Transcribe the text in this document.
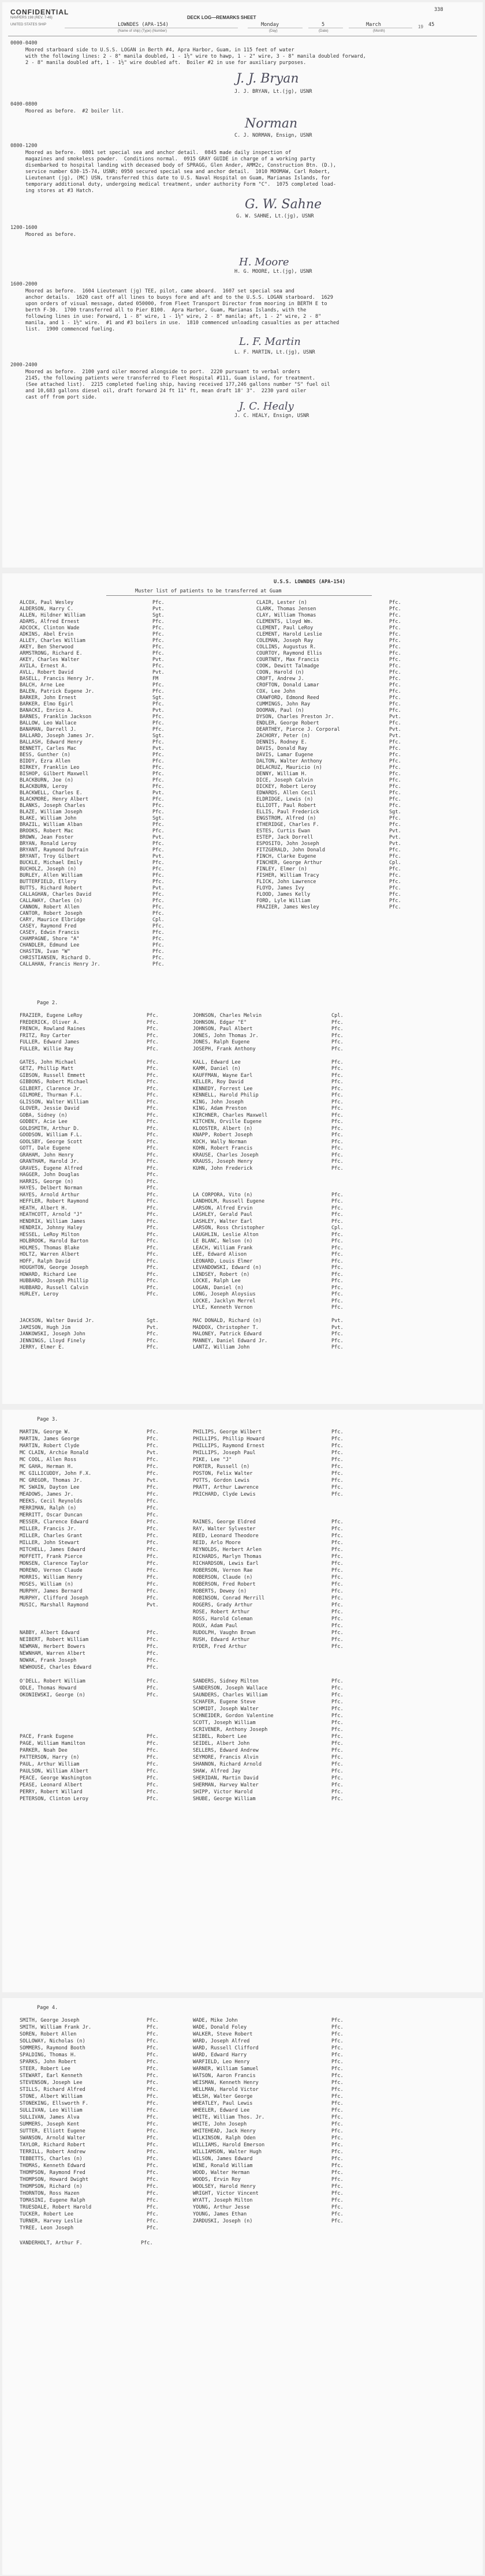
CONFIDENTIAL
NAVPERS 198 (REV. 7-46)	DECK LOG—REMARKS SHEET
338
UNITED STATES SHIP	LOWNDES (APA-154)
(Name of ship) (Type) (Number)
Monday
(Day)
5
(Date)
March
(Month)
19 45
0000-0400
Moored starboard side to U.S.S. LOGAN in Berth #4, Apra Harbor, Guam, in 115 feet of water
with the following lines: 2 - 8" manila doubled, 1 - 1½" wire to hawp, 1 - 2" wire, 3 - 8" manila doubled forward,
2 - 8" manila doubled aft, 1 - 1½" wire doubled aft.  Boiler #2 in use for auxiliary purposes.
J. J. Bryan
J. J. BRYAN, Lt.(jg), USNR
0400-0800
Moored as before.  #2 boiler lit.
Norman
C. J. NORMAN, Ensign, USNR
0800-1200
Moored as before.  0801 set special sea and anchor detail.  0845 made daily inspection of
magazines and smokeless powder.  Conditions normal.  0915 GRAY GUIDE in charge of a working party
disembarked to hospital landing with deceased body of SPRAGG, Glen Ander, AMM2c, Construction Btn. (D.),
service number 630-15-74, USNR; 0950 secured special sea and anchor detail.  1010 MOOMAW, Carl Robert,
Lieutenant (jg), (MC) USN, transferred this date to U.S. Naval Hospital on Guam, Marianas Islands, for
temporary additional duty, undergoing medical treatment, under authority Form "C".  1075 completed load-
ing stores at #3 Hatch.
G. W. Sahne
G. W. SAHNE, Lt.(jg), USNR
1200-1600
Moored as before.
H. Moore
H. G. MOORE, Lt.(jg), USNR
1600-2000
Moored as before.  1604 Lieutenant (jg) TEE, pilot, came aboard.  1607 set special sea and
anchor details.  1620 cast off all lines to buoys fore and aft and to the U.S.S. LOGAN starboard.  1629
upon orders of visual message, dated 050000, from Fleet Transport Director from mooring in BERTH E to
berth F-30.  1700 transferred all to Pier B100.  Apra Harbor, Guam, Marianas Islands, with the
following lines in use: Forward, 1 - 8" wire, 1 - 1½" wire, 2 - 8" manila; aft, 1 - 2" wire, 2 - 8"
manila, and 1 - 1½" wire.  #1 and #3 boilers in use.  1810 commenced unloading casualties as per attached
list.  1900 commenced fueling.
L. F. Martin
L. F. MARTIN, Lt.(jg), USNR
2000-2400
Moored as before.  2100 yard oiler moored alongside to port.  2220 pursuant to verbal orders
2145, the following patients were transferred to Fleet Hospital #111, Guam island, for treatment.
(See attached list).  2215 completed fueling ship, having received 177,246 gallons number "S" fuel oil
and 10,683 gallons diesel oil, draft forward 24 ft 11" ft, mean draft 18' 3".  2230 yard oiler
cast off from port side.
J. C. Healy
J. C. HEALY, Ensign, USNR
U.S.S. LOWNDES (APA-154)
Muster list of patients to be transferred at Guam
ALCOX, Paul Wesley	Pfc.
ALDERSON, Harry C.	Pvt.
ALLEN, Hildner William	Sgt.
ADAMS, Alfred Ernest	Pfc.
ADCOCK, Clinton Wade	Pfc.
ADKINS, Abel Ervin	Pfc.
ALLEY, Charles William	Pfc.
AKEY, Ben Sherwood	Pfc.
ARMSTRONG, Richard E.	Pfc.
AKEY, Charles Walter	Pvt.
AVILA, Ernest A.	Pfc.
AVLL, Robert David	Pvt.
BASELL, Francis Henry Jr.	FM
BALCH, Arne Lee	Pfc.
BALEN, Patrick Eugene Jr.	Pfc.
BARKER, John Ernest	Sgt.
BARKER, Elmo Egirl	Pfc.
BANACKI, Enrico A.	Pvt.
BARNES, Franklin Jackson	Pfc.
BALLOW, Leo Wallace	Pfc.
BANAMAN, Darrell J.	Pfc.
BALLARD, Joseph James Jr.	Sgt.
BALLASH, Edward Henry	Pfc.
BENNETT, Carles Mac	Pvt.
BESS, Gunther (n)	Pfc.
BIDDY, Ezra Allen	Pfc.
BIRKEY, Franklin Leo	Pfc.
BISHOP, Gilbert Maxwell	Pfc.
BLACKBURN, Joe (n)	Pfc.
BLACKBURN, Leroy	Pfc.
BLACKWELL, Charles E.	Pvt.
BLACKMORE, Henry Albert	Pfc.
BLANKS, Joseph Charles	Pfc.
BLAZE, William Joseph	Pfc.
BLAKE, William John	Sgt.
BRAZIL, William Alban	Pfc.
BROOKS, Robert Mac	Pfc.
BROWN, Jean Foster	Pvt.
BRYAN, Ronald Leroy	Pfc.
BRYANT, Raymond Dufrain	Pfc.
BRYANT, Troy Gilbert	Pvt.
BUCKLE, Michael Emily	Pfc.
BUCHOLZ, Joseph (n)	Pfc.
BURLEY, Allen William	Pfc.
BUTTERFIELD, Ellery	Pfc.
BUTTS, Richard Robert	Pvt.
CALLAGHAN, Charles David	Pfc.
CALLAWAY, Charles (n)	Pfc.
CANNON, Robert Allen	Pfc.
CANTOR, Robert Joseph	Pfc.
CARY, Maurice Elbridge	Cpl.
CASEY, Raymond Fred	Pfc.
CASEY, Edwin Francis	Pfc.
CHAMPAGNE, Shore "A"	Pfc.
CHANDLER, Edmund Lee	Pfc.
CHASTIN, Ivan "W"	Pfc.
CHRISTIANSEN, Richard D.	Pfc.
CALLAHAN, Francis Henry Jr.	Pfc.
CLAIR, Lester (n)	Pfc.
CLARK, Thomas Jensen	Pfc.
CLAY, William Thomas	Pfc.
CLEMENTS, Lloyd Wm.	Pfc.
CLEMENT, Paul LeRoy	Pfc.
CLEMENT, Harold Leslie	Pfc.
COLEMAN, Joseph Ray	Pfc.
COLLINS, Augustus R.	Pfc.
COURTOY, Raymond Ellis	Pfc.
COURTNEY, Max Francis	Pfc.
COOK, Dewitt Talmadge	Pfc.
COON, Harold (n)	Pfc.
CROFT, Andrew J.	Pfc.
CROFTON, Donald Lamar	Pfc.
COX, Lee John	Pfc.
CRAWFORD, Edmond Reed	Pfc.
CUMMINGS, John Ray	Pfc.
DOOMAN, Paul (n)	Pfc.
DYSON, Charles Preston Jr.	Pvt.
ENDLER, George Robert	Pfc.
DEARTHEY, Pierce J. Corporal	Pvt.
ZACHORY, Peter (n)	Pvt.
DENNIS, Rodney E.	Pfc.
DAVIS, Donald Ray	Pfc.
DAVIS, Lamar Eugene	Pfc.
DALTON, Walter Anthony	Pfc.
DELACRUZ, Mauricio (n)	Pfc.
DENNY, William H.	Pfc.
DICE, Joseph Calvin	Pfc.
DICKEY, Robert Leroy	Pfc.
EDWARDS, Allen Cecil	Pfc.
ELDRIDGE, Lewis (n)	Pfc.
ELLIOTT, Paul Robert	Pfc.
ELLIS, Paul Frederick	Sgt.
ENGSTROM, Alfred (n)	Pfc.
ETHERIDGE, Charles F.	Pfc.
ESTES, Curtis Ewan	Pvt.
ESTEP, Jack Dorrell	Pvt.
ESPOSITO, John Joseph	Pvt.
FITZGERALD, John Donald	Pfc.
FINCH, Clarke Eugene	Pfc.
FINCHER, George Arthur	Cpl.
FINLEY, Elmer (n)	Pfc.
FISHER, William Tracy	Pfc.
FLICK, John Lawrence	Pfc.
FLOYD, James Ivy	Pfc.
FLOOD, James Kelly	Pfc.
FORD, Lyle William	Pfc.
FRAZIER, James Wesley	Pfc.
Page 2.
FRAZIER, Eugene LeRoy	Pfc.	JOHNSON, Charles Melvin	Cpl.
FREDERICK, Oliver A.	Pfc.	JOHNSON, Edgar "E"	Pfc.
FRENCH, Rowland Raines	Pfc.	JOHNSON, Paul Albert	Pfc.
FRITZ, Roy Carter	Pfc.	JONES, John Thomas Jr.	Pfc.
FULLER, Edward James	Pfc.	JONES, Ralph Eugene	Pfc.
FULLER, Willie Ray	Pfc.	JOSEPH, Frank Anthony	Pfc.
GATES, John Michael	Pfc.	KALL, Edward Lee	Pfc.
GETZ, Phillip Matt	Pfc.	KAMM, Daniel (n)	Pfc.
GIBSON, Russell Emmett	Pfc.	KAUFFMAN, Wayne Earl	Pfc.
GIBBONS, Robert Michael	Pfc.	KELLER, Roy David	Pfc.
GILBERT, Clarence Jr.	Pfc.	KENNEDY, Forrest Lee	Pfc.
GILMORE, Thurman F.L.	Pfc.	KENNELL, Harold Philip	Pfc.
GLISSON, Walter William	Pfc.	KING, John Joseph	Pfc.
GLOVER, Jessie David	Pfc.	KING, Adam Preston	Pfc.
GOBA, Sidney (n)	Pfc.	KIRCHNER, Charles Maxwell	Pfc.
GODBEY, Acie Lee	Pfc.	KITCHEN, Orville Eugene	Pfc.
GOLDSMITH, Arthur D.	Pfc.	KLOOSTER, Albert (n)	Pfc.
GOODSON, William F.L.	Pfc.	KNAPP, Robert Joseph	Pfc.
GOOLSBY, George Scott	Pfc.	KOCH, Wally Norman	Pfc.
GOTT, Dale Eugene	Pfc.	KOHN, Robert Francis	Pfc.
GRAHAM, John Henry	Pfc.	KRAUSE, Charles Joseph	Pfc.
GRANTHAM, Harold Jr.	Pfc.	KRAUSS, Joseph Henry	Pfc.
GRAVES, Eugene Alfred	Pfc.	KUHN, John Frederick	Pfc.
HAGGER, John Douglas	Pfc.
HARRIS, George (n)	Pfc.
HAYES, Delbert Norman	Pfc.
HAYES, Arnold Arthur	Pfc.	LA CORPORA, Vito (n)	Pfc.
HEFFLER, Robert Raymond	Pfc.	LANDHOLM, Russell Eugene	Pfc.
HEATH, Albert H.	Pfc.	LARSON, Alfred Ervin	Pfc.
HEATHCOTT, Arnold "J"	Pfc.	LASHLEY, Gerald Paul	Pfc.
HENDRIX, William James	Pfc.	LASHLEY, Walter Earl	Pfc.
HENDRIX, Johnny Haley	Pfc.	LARSON, Ross Christopher	Cpl.
HESSEL, LeRoy Milton	Pfc.	LAUGHLIN, Leslie Alton	Pfc.
HOLBROOK, Harold Barton	Pfc.	LE BLANC, Nelson (n)	Pfc.
HOLMES, Thomas Blake	Pfc.	LEACH, William Frank	Pfc.
HOLTZ, Warren Albert	Pfc.	LEE, Edward Alison	Pfc.
HOFF, Ralph David	Pfc.	LEONARD, Louis Elmer	Pfc.
HOUGHTON, George Joseph	Pfc.	LEVANDOWSKI, Edward (n)	Pfc.
HOWARD, Richard Lee	Pfc.	LINDSEY, Robert (n)	Pfc.
HUBBARD, Joseph Phillip	Pfc.	LOCKE, Ralph Lee	Pfc.
HUBBARD, Russell Calvin	Pfc.	LOGAN, Daniel (n)	Pfc.
HURLEY, Leroy	Pfc.	LONG, Joseph Aloysius	Pfc.
LOCKE, Jacklyn Merrel	Pfc.
LYLE, Kenneth Vernon	Pfc.
JACKSON, Walter David Jr.	Sgt.	MAC DONALD, Richard (n)	Pvt.
JAMISON, Hugh Jim	Pvt.	MADDOX, Christopher T.	Pvt.
JANKOWSKI, Joseph John	Pfc.	MALONEY, Patrick Edward	Pfc.
JENNINGS, Lloyd Finely	Pfc.	MANNEY, Daniel Edward Jr.	Pfc.
JERRY, Elmer E.	Pfc.	LANTZ, William John	Pfc.
Page 3.
MARTIN, George W.	Pfc.	PHILIPS, George Wilbert	Pfc.
MARTIN, James George	Pfc.	PHILLIPS, Phillip Howard	Pfc.
MARTIN, Robert Clyde	Pfc.	PHILLIPS, Raymond Ernest	Pfc.
MC CLAIN, Archie Ronald	Pvt.	PHILLIPS, Joseph Paul	Pfc.
MC COOL, Allen Ross	Pfc.	PIKE, Lee "J"	Pfc.
MC GAHA, Herman H.	Pfc.	PORTER, Russell (n)	Pfc.
MC GILLICUDDY, John F.X.	Pfc.	POSTON, Felix Walter	Pfc.
MC GREGOR, Thomas Jr.	Pvt.	POTTS, Gordon Lewis	Pfc.
MC SWAIN, Dayton Lee	Pfc.	PRATT, Arthur Lawrence	Pfc.
MEADOWS, James Jr.	Pfc.	PRICHARD, Clyde Lewis	Pfc.
MEEKS, Cecil Reynolds	Pfc.
MERRIMAN, Ralph (n)	Pfc.
MERRITT, Oscar Duncan	Pfc.
MESSER, Clarence Edward	Pfc.	RAINES, George Eldred	Pfc.
MILLER, Francis Jr.	Pfc.	RAY, Walter Sylvester	Pfc.
MILLER, Charles Grant	Pfc.	REED, Leonard Theodore	Pfc.
MILLER, John Stewart	Pfc.	REID, Arlo Moore	Pfc.
MITCHELL, James Edward	Pfc.	REYNOLDS, Herbert Arlen	Pfc.
MOFFETT, Frank Pierce	Pfc.	RICHARDS, Marlyn Thomas	Pfc.
MONSEN, Clarence Taylor	Pfc.	RICHARDSON, Lewis Earl	Pfc.
MORENO, Vernon Claude	Pfc.	ROBERSON, Vernon Rae	Pfc.
MORRIS, William Henry	Pfc.	ROBERSON, Claude (n)	Pfc.
MOSES, William (n)	Pfc.	ROBERSON, Fred Robert	Pfc.
MURPHY, James Bernard	Pfc.	ROBERTS, Dewey (n)	Pfc.
MURPHY, Clifford Joseph	Pfc.	ROBINSON, Conrad Merrill	Pfc.
MUSIC, Marshall Raymond	Pvt.	ROGERS, Grady Arthur	Pfc.
ROSE, Robert Arthur	Pfc.
ROSS, Harold Coleman	Pfc.
ROUX, Adam Paul	Pfc.
NABBY, Albert Edward	Pfc.	RUDOLPH, Vaughn Brown	Pfc.
NEIBERT, Robert William	Pfc.	RUSH, Edward Arthur	Pfc.
NEWMAN, Herbert Bowers	Pfc.	RYDER, Fred Arthur	Pfc.
NEWNHAM, Warren Albert	Pfc.
NOWAK, Frank Joseph	Pfc.
NEWHOUSE, Charles Edward	Pfc.
O'DELL, Robert William	Pfc.	SANDERS, Sidney Milton	Pfc.
ODLE, Thomas Howard	Pfc.	SANDERSON, Joseph Wallace	Pfc.
OKONIEWSKI, George (n)	Pfc.	SAUNDERS, Charles William	Pfc.
SCHAFER, Eugene Steve	Pfc.
SCHMIDT, Joseph Walter	Pfc.
SCHNEIDER, Gordon Valentine	Pfc.
SCOTT, Joseph William	Pfc.
SCRIVENER, Anthony Joseph	Pfc.
PACE, Frank Eugene	Pfc.	SEIBEL, Robert Lee	Pfc.
PAGE, William Hamilton	Pfc.	SEIDEL, Albert John	Pfc.
PARKER, Noah Dee	Pfc.	SELLERS, Edward Andrew	Pfc.
PATTERSON, Harry (n)	Pfc.	SEYMORE, Francis Alvin	Pfc.
PAUL, Arthur William	Pfc.	SHANNON, Richard Arnold	Pfc.
PAULSON, William Albert	Pfc.	SHAW, Alfred Jay	Pfc.
PEACE, George Washington	Pfc.	SHERIDAN, Martin David	Pfc.
PEASE, Leonard Albert	Pfc.	SHERMAN, Harvey Walter	Pfc.
PERRY, Robert Willard	Pfc.	SHIPP, Victor Harold	Pfc.
PETERSON, Clinton Leroy	Pfc.	SHUBE, George William	Pfc.
Page 4.
SMITH, George Joseph	Pfc.	WADE, Mike John	Pfc.
SMITH, William Frank Jr.	Pfc.	WADE, Donald Foley	Pfc.
SOREN, Robert Allen	Pfc.	WALKER, Steve Robert	Pfc.
SOLLOWAY, Nicholas (n)	Pfc.	WARD, Joseph Alfred	Pfc.
SOMMERS, Raymond Booth	Pfc.	WARD, Russell Clifford	Pfc.
SPALDING, Thomas H.	Pfc.	WARD, Edward Harry	Pfc.
SPARKS, John Robert	Pfc.	WARFIELD, Leo Henry	Pfc.
STEER, Robert Lee	Pfc.	WARNER, William Samuel	Pfc.
STEWART, Earl Kenneth	Pfc.	WATSON, Aaron Francis	Pfc.
STEVENSON, Joseph Lee	Pfc.	WEISMAN, Kenneth Henry	Pfc.
STILLS, Richard Alfred	Pfc.	WELLMAN, Harold Victor	Pfc.
STONE, Albert William	Pfc.	WELSH, Walter George	Pfc.
STONEKING, Ellsworth F.	Pfc.	WHEATLEY, Paul Lewis	Pfc.
SULLIVAN, Leo William	Pfc.	WHEELER, Edward Lee	Pfc.
SULLIVAN, James Alva	Pfc.	WHITE, William Thos. Jr.	Pfc.
SUMMERS, Joseph Kent	Pfc.	WHITE, John Joseph	Pfc.
SUTTER, Elliott Eugene	Pfc.	WHITEHEAD, Jack Henry	Pfc.
SWANSON, Arnold Walter	Pfc.	WILKINSON, Ralph Oden	Pfc.
TAYLOR, Richard Robert	Pfc.	WILLIAMS, Harold Emerson	Pfc.
TERRILL, Robert Andrew	Pfc.	WILLIAMSON, Walter Hugh	Pfc.
TEBBETTS, Charles (n)	Pfc.	WILSON, James Edward	Pfc.
THOMAS, Kenneth Edward	Pfc.	WINE, Ronald William	Pfc.
THOMPSON, Raymond Fred	Pfc.	WOOD, Walter Herman	Pfc.
THOMPSON, Howard Dwight	Pfc.	WOODS, Ervin Roy	Pfc.
THOMPSON, Richard (n)	Pfc.	WOOLSEY, Harold Henry	Pfc.
THORNTON, Ross Hazen	Pfc.	WRIGHT, Victor Vincent	Pfc.
TOMASINI, Eugene Ralph	Pfc.	WYATT, Joseph Milton	Pfc.
TRUESDALE, Robert Harold	Pfc.	YOUNG, Arthur Jesse	Pfc.
TUCKER, Robert Lee	Pfc.	YOUNG, James Ethan	Pfc.
TURNER, Harvey Leslie	Pfc.	ZARDUSKI, Joseph (n)	Pfc.
TYREE, Leon Joseph	Pfc.
VANDERHOLT, Arthur F.	Pfc.
